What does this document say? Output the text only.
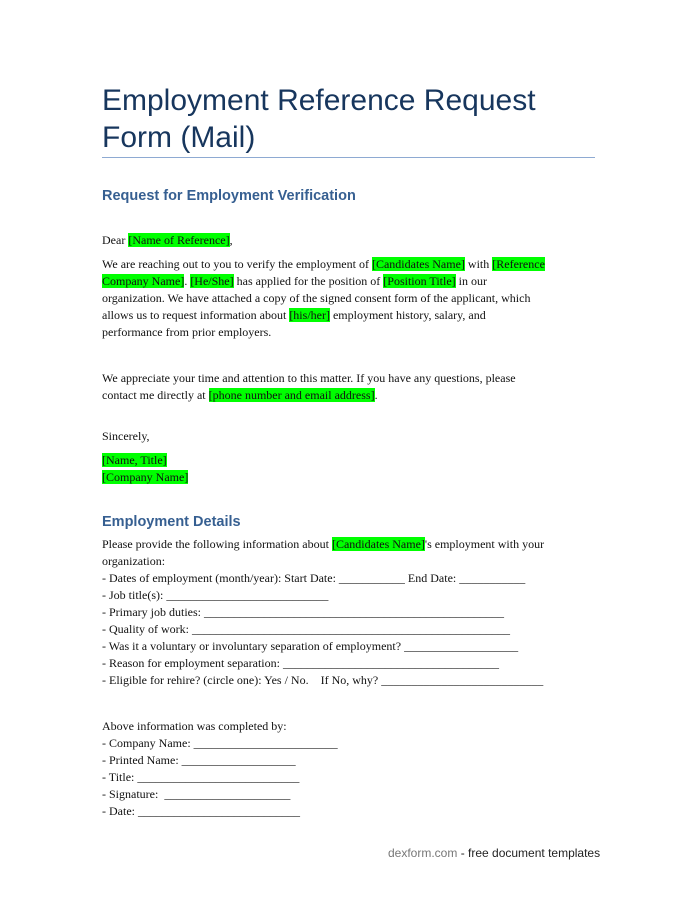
Employment Reference Request Form (Mail)
Request for Employment Verification
Dear [Name of Reference],
We are reaching out to you to verify the employment of [Candidates Name] with [Reference
Company Name]. [He/She] has applied for the position of [Position Title] in our
organization. We have attached a copy of the signed consent form of the applicant, which
allows us to request information about [his/her] employment history, salary, and
performance from prior employers.
We appreciate your time and attention to this matter. If you have any questions, please
contact me directly at [phone number and email address].
Sincerely,
[Name, Title]
[Company Name]
Employment Details
Please provide the following information about [Candidates Name]'s employment with your
organization:
- Dates of employment (month/year): Start Date: ___________ End Date: ___________
- Job title(s): ___________________________
- Primary job duties: __________________________________________________
- Quality of work: _____________________________________________________
- Was it a voluntary or involuntary separation of employment? ___________________
- Reason for employment separation: ____________________________________
- Eligible for rehire? (circle one): Yes / No.    If No, why? ___________________________
Above information was completed by:
- Company Name: ________________________
- Printed Name: ___________________
- Title: ___________________________
- Signature:  _____________________
- Date: ___________________________
dexform.com - free document templates
